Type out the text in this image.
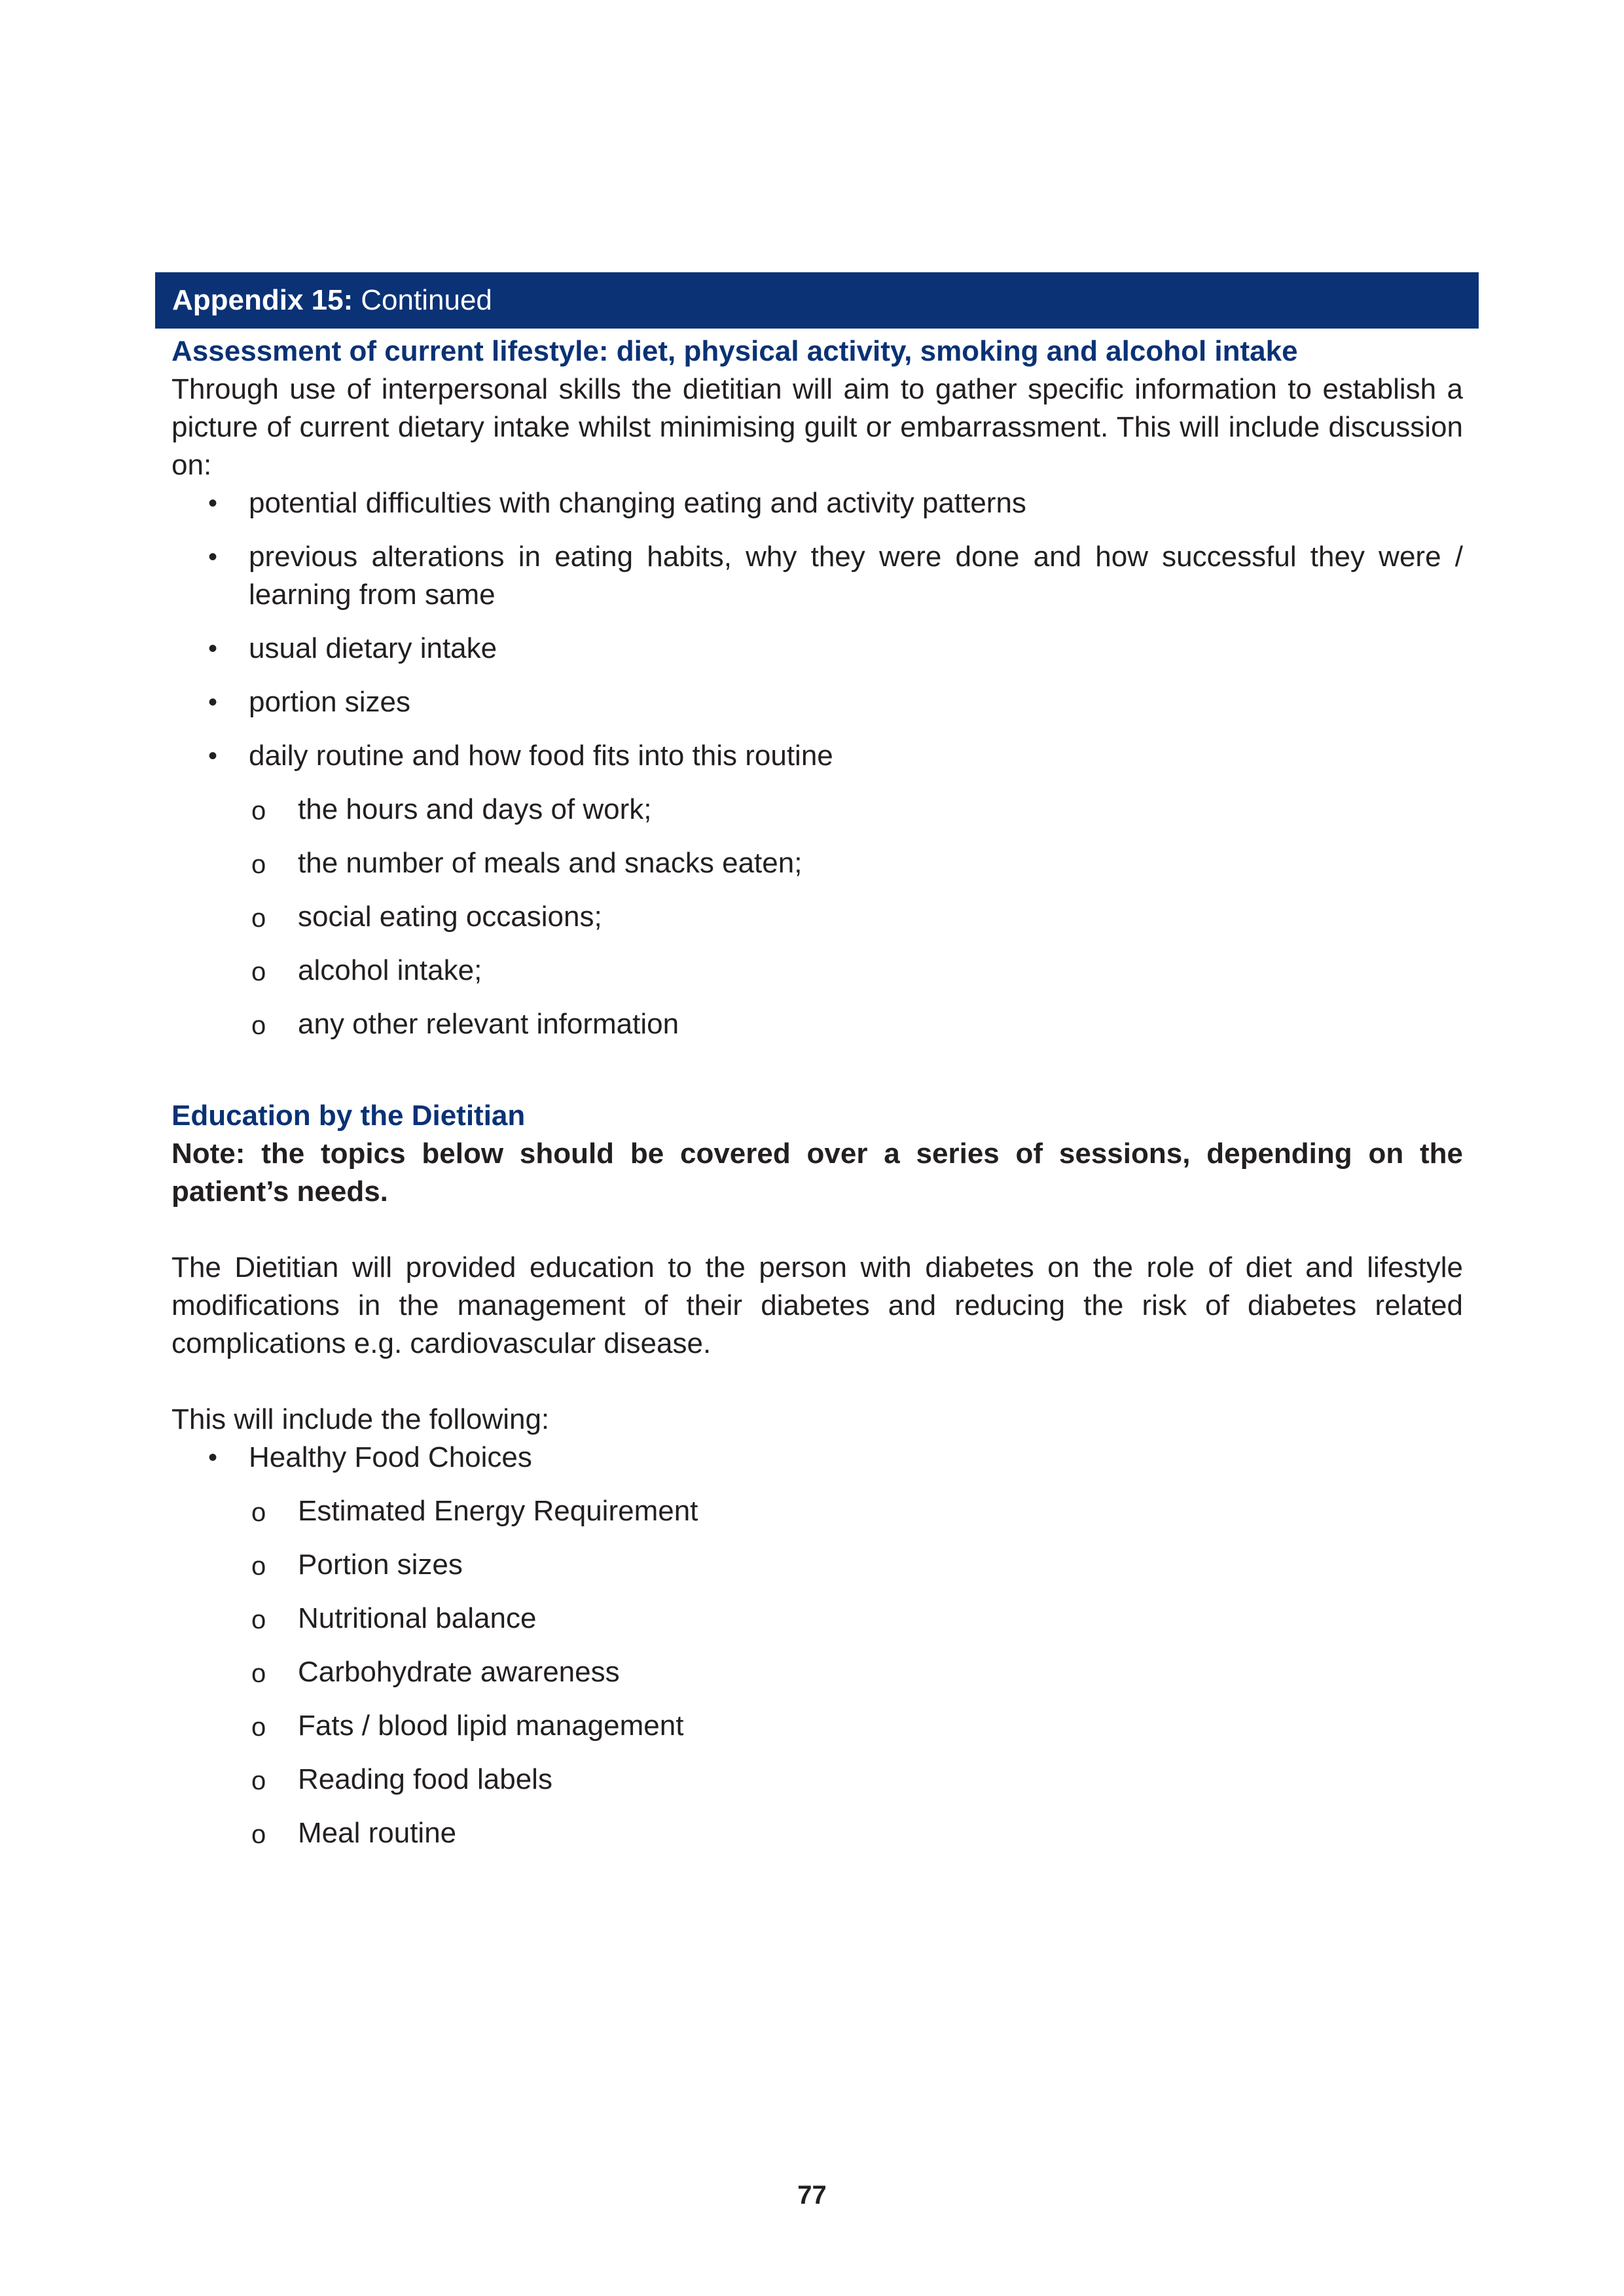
Appendix 15: Continued
Assessment of current lifestyle: diet, physical activity, smoking and alcohol intake

Through use of interpersonal skills the dietitian will aim to gather specific information to establish a picture of current dietary intake whilst minimising guilt or embarrassment. This will include discussion on:

• potential difficulties with changing eating and activity patterns
• previous alterations in eating habits, why they were done and how successful they were / learning from same
• usual dietary intake
• portion sizes
• daily routine and how food fits into this routine
o the hours and days of work;
o the number of meals and snacks eaten;
o social eating occasions;
o alcohol intake;
o any other relevant information
Education by the Dietitian

Note: the topics below should be covered over a series of sessions, depending on the patient’s needs.

The Dietitian will provided education to the person with diabetes on the role of diet and lifestyle modifications in the management of their diabetes and reducing the risk of diabetes related complications e.g. cardiovascular disease.

This will include the following:

• Healthy Food Choices
o Estimated Energy Requirement
o Portion sizes
o Nutritional balance
o Carbohydrate awareness
o Fats / blood lipid management
o Reading food labels
o Meal routine
77
